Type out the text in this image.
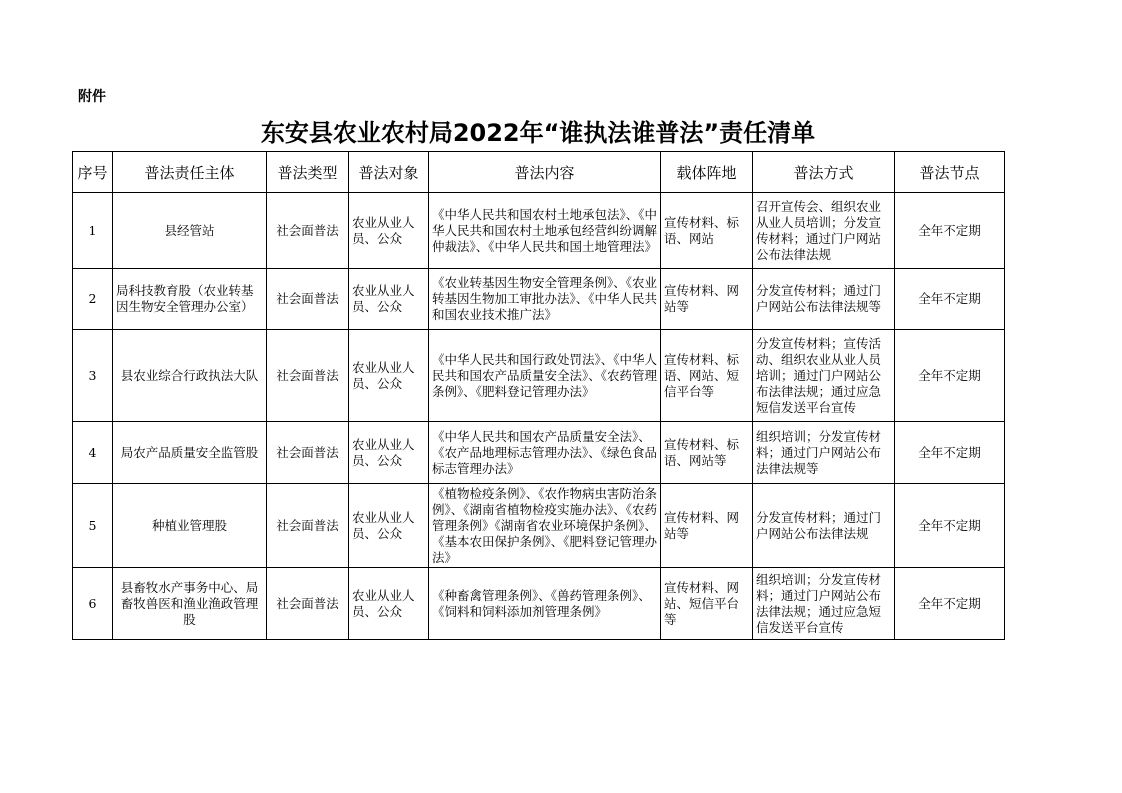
附件
东安县农业农村局2022年“谁执法谁普法”责任清单
序号	普法责任主体	普法类型	普法对象	普法内容	载体阵地	普法方式	普法节点
1	县经管站	社会面普法	农业从业人员、公众	《中华人民共和国农村土地承包法》、《中华人民共和国农村土地承包经营纠纷调解仲裁法》、《中华人民共和国土地管理法》	宣传材料、标语、网站	召开宣传会、组织农业从业人员培训；分发宣传材料；通过门户网站公布法律法规	全年不定期
2	局科技教育股（农业转基因生物安全管理办公室）	社会面普法	农业从业人员、公众	《农业转基因生物安全管理条例》、《农业转基因生物加工审批办法》、《中华人民共和国农业技术推广法》	宣传材料、网站等	分发宣传材料；通过门户网站公布法律法规等	全年不定期
3	县农业综合行政执法大队	社会面普法	农业从业人员、公众	《中华人民共和国行政处罚法》、《中华人民共和国农产品质量安全法》、《农药管理条例》、《肥料登记管理办法》	宣传材料、标语、网站、短信平台等	分发宣传材料；宣传活动、组织农业从业人员培训；通过门户网站公布法律法规；通过应急短信发送平台宣传	全年不定期
4	局农产品质量安全监管股	社会面普法	农业从业人员、公众	《中华人民共和国农产品质量安全法》、《农产品地理标志管理办法》、《绿色食品标志管理办法》	宣传材料、标语、网站等	组织培训；分发宣传材料；通过门户网站公布法律法规等	全年不定期
5	种植业管理股	社会面普法	农业从业人员、公众	《植物检疫条例》、《农作物病虫害防治条例》、《湖南省植物检疫实施办法》、《农药管理条例》《湖南省农业环境保护条例》、《基本农田保护条例》、《肥料登记管理办法》	宣传材料、网站等	分发宣传材料；通过门户网站公布法律法规	全年不定期
6	县畜牧水产事务中心、局畜牧兽医和渔业渔政管理股	社会面普法	农业从业人员、公众	《种畜禽管理条例》、《兽药管理条例》、《饲料和饲料添加剂管理条例》	宣传材料、网站、短信平台等	组织培训；分发宣传材料；通过门户网站公布法律法规；通过应急短信发送平台宣传	全年不定期
